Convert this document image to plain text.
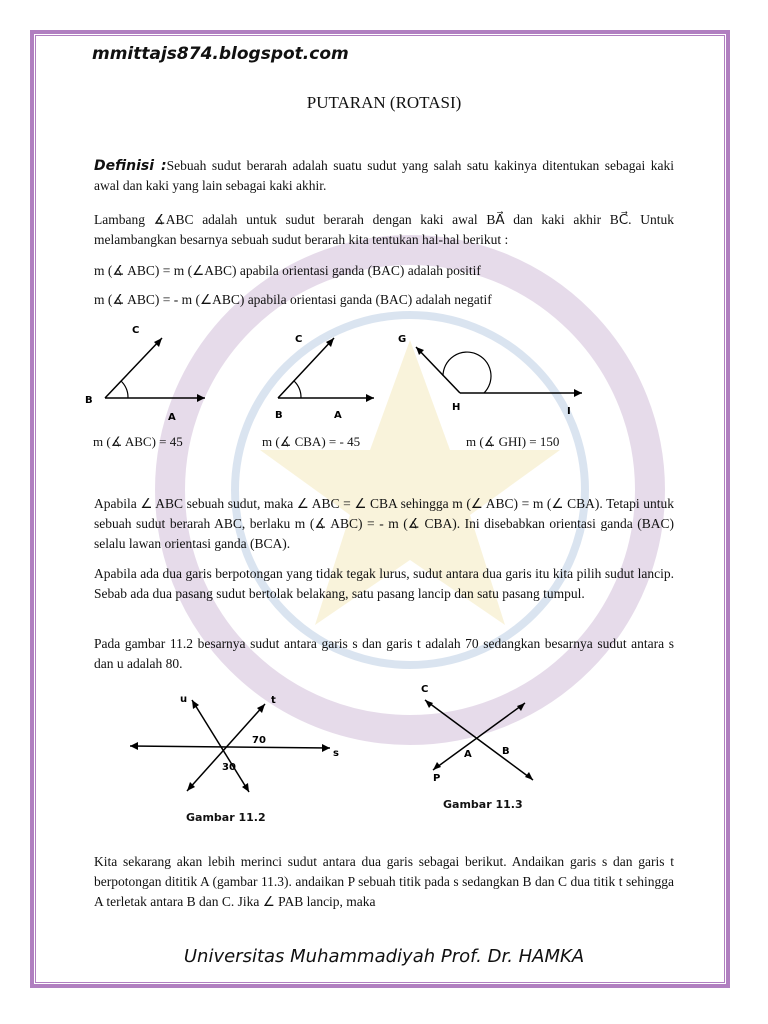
mmittajs874.blogspot.com
PUTARAN (ROTASI)

Definisi :Sebuah sudut berarah adalah suatu sudut yang salah satu kakinya ditentukan sebagai kaki awal dan kaki yang lain sebagai kaki akhir.

Lambang ∡ABC adalah untuk sudut berarah dengan kaki awal BA⃗ dan kaki akhir BC⃗. Untuk melambangkan besarnya sebuah sudut berarah kita tentukan hal-hal berikut :
m (∡ ABC) = m (∠ABC) apabila orientasi ganda (BAC) adalah positif
m (∡ ABC) = - m (∠ABC) apabila orientasi ganda (BAC) adalah negatif
C
B
A
m (∡ ABC) = 45
C
B	A
m (∡ CBA) = - 45
G
H	I
m (∡ GHI) = 150
Apabila ∠ ABC sebuah sudut, maka ∠ ABC = ∠ CBA sehingga m (∠ ABC) = m (∠ CBA). Tetapi untuk sebuah sudut berarah ABC, berlaku m (∡ ABC) = - m (∡ CBA). Ini disebabkan orientasi ganda (BAC) selalu lawan orientasi ganda (BCA).
Apabila ada dua garis berpotongan yang tidak tegak lurus, sudut antara dua garis itu kita pilih sudut lancip. Sebab ada dua pasang sudut bertolak belakang, satu pasang lancip dan satu pasang tumpul.
Pada gambar 11.2 besarnya sudut antara garis s dan garis t adalah 70 sedangkan besarnya sudut antara s dan u adalah 80.
u	t
s
70
30
Gambar 11.2
C
A	B
P
Gambar 11.3
Kita sekarang akan lebih merinci sudut antara dua garis sebagai berikut. Andaikan garis s dan garis t berpotongan dititik A (gambar 11.3). andaikan P sebuah titik pada s sedangkan B dan C dua titik t sehingga A terletak antara B dan C. Jika ∠ PAB lancip, maka
Universitas Muhammadiyah Prof. Dr. HAMKA
